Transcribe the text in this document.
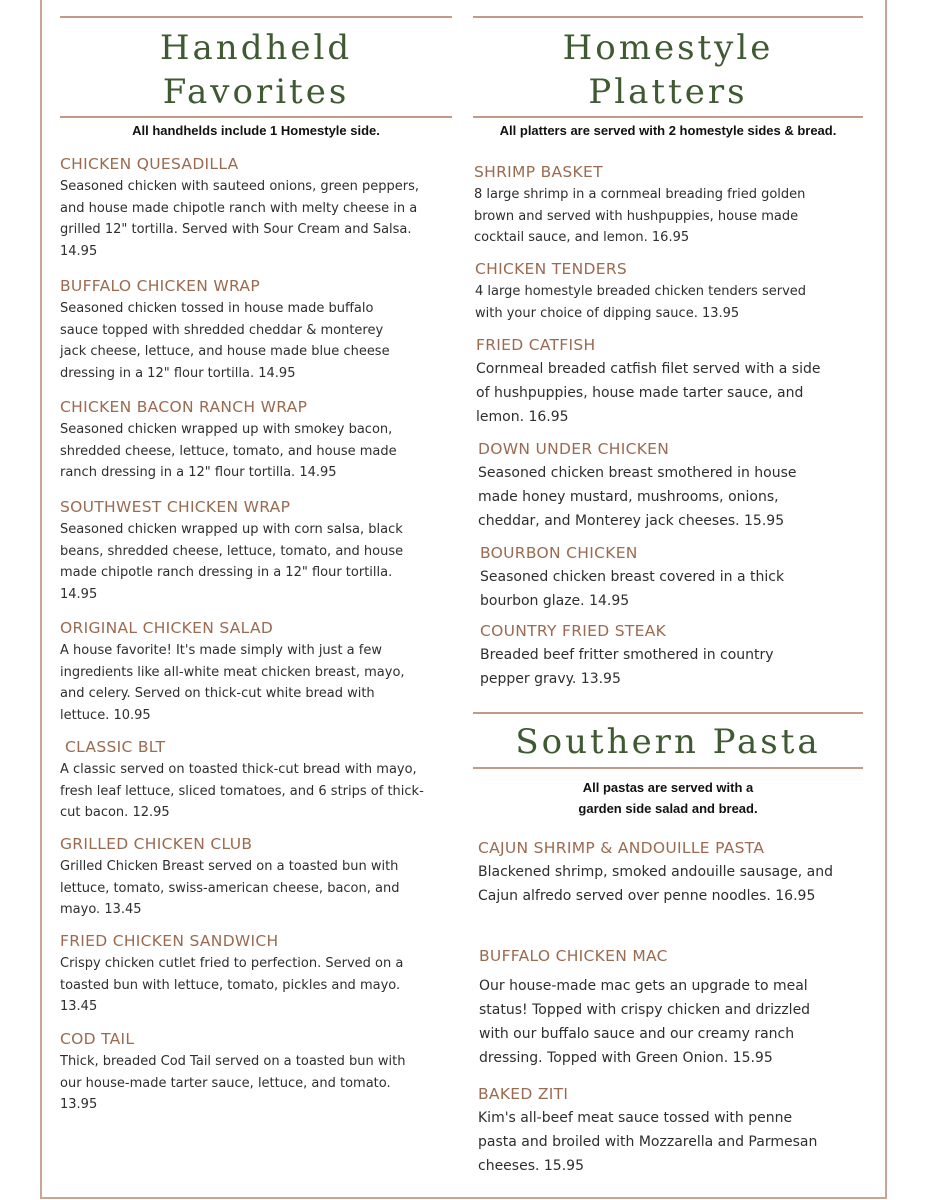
Handheld
Favorites

All handhelds include 1 Homestyle side.

CHICKEN QUESADILLA
Seasoned chicken with sauteed onions, green peppers, and house made chipotle ranch with melty cheese in a grilled 12" tortilla. Served with Sour Cream and Salsa. 14.95
BUFFALO CHICKEN WRAP
Seasoned chicken tossed in house made buffalo sauce topped with shredded cheddar & monterey jack cheese, lettuce, and house made blue cheese dressing in a 12" flour tortilla. 14.95
CHICKEN BACON RANCH WRAP
Seasoned chicken wrapped up with smokey bacon, shredded cheese, lettuce, tomato, and house made ranch dressing in a 12" flour tortilla. 14.95
SOUTHWEST CHICKEN WRAP
Seasoned chicken wrapped up with corn salsa, black beans, shredded cheese, lettuce, tomato, and house made chipotle ranch dressing in a 12" flour tortilla. 14.95
ORIGINAL CHICKEN SALAD
A house favorite! It's made simply with just a few ingredients like all-white meat chicken breast, mayo, and celery. Served on thick-cut white bread with lettuce. 10.95
CLASSIC BLT
A classic served on toasted thick-cut bread with mayo, fresh leaf lettuce, sliced tomatoes, and 6 strips of thick-cut bacon. 12.95
GRILLED CHICKEN CLUB
Grilled Chicken Breast served on a toasted bun with lettuce, tomato, swiss-american cheese, bacon, and mayo. 13.45
FRIED CHICKEN SANDWICH
Crispy chicken cutlet fried to perfection. Served on a toasted bun with lettuce, tomato, pickles and mayo. 13.45
COD TAIL
Thick, breaded Cod Tail served on a toasted bun with our house-made tarter sauce, lettuce, and tomato. 13.95
Homestyle
Platters

All platters are served with 2 homestyle sides & bread.

SHRIMP BASKET
8 large shrimp in a cornmeal breading fried golden brown and served with hushpuppies, house made cocktail sauce, and lemon. 16.95
CHICKEN TENDERS
4 large homestyle breaded chicken tenders served with your choice of dipping sauce. 13.95
FRIED CATFISH
Cornmeal breaded catfish filet served with a side of hushpuppies, house made tarter sauce, and lemon. 16.95
DOWN UNDER CHICKEN
Seasoned chicken breast smothered in house made honey mustard, mushrooms, onions, cheddar, and Monterey jack cheeses. 15.95
BOURBON CHICKEN
Seasoned chicken breast covered in a thick bourbon glaze. 14.95
COUNTRY FRIED STEAK
Breaded beef fritter smothered in country pepper gravy. 13.95
Southern Pasta

All pastas are served with a

garden side salad and bread.

CAJUN SHRIMP & ANDOUILLE PASTA
Blackened shrimp, smoked andouille sausage, and Cajun alfredo served over penne noodles. 16.95
BUFFALO CHICKEN MAC
Our house-made mac gets an upgrade to meal status! Topped with crispy chicken and drizzled with our buffalo sauce and our creamy ranch dressing. Topped with Green Onion. 15.95
BAKED ZITI
Kim's all-beef meat sauce tossed with penne pasta and broiled with Mozzarella and Parmesan cheeses. 15.95
